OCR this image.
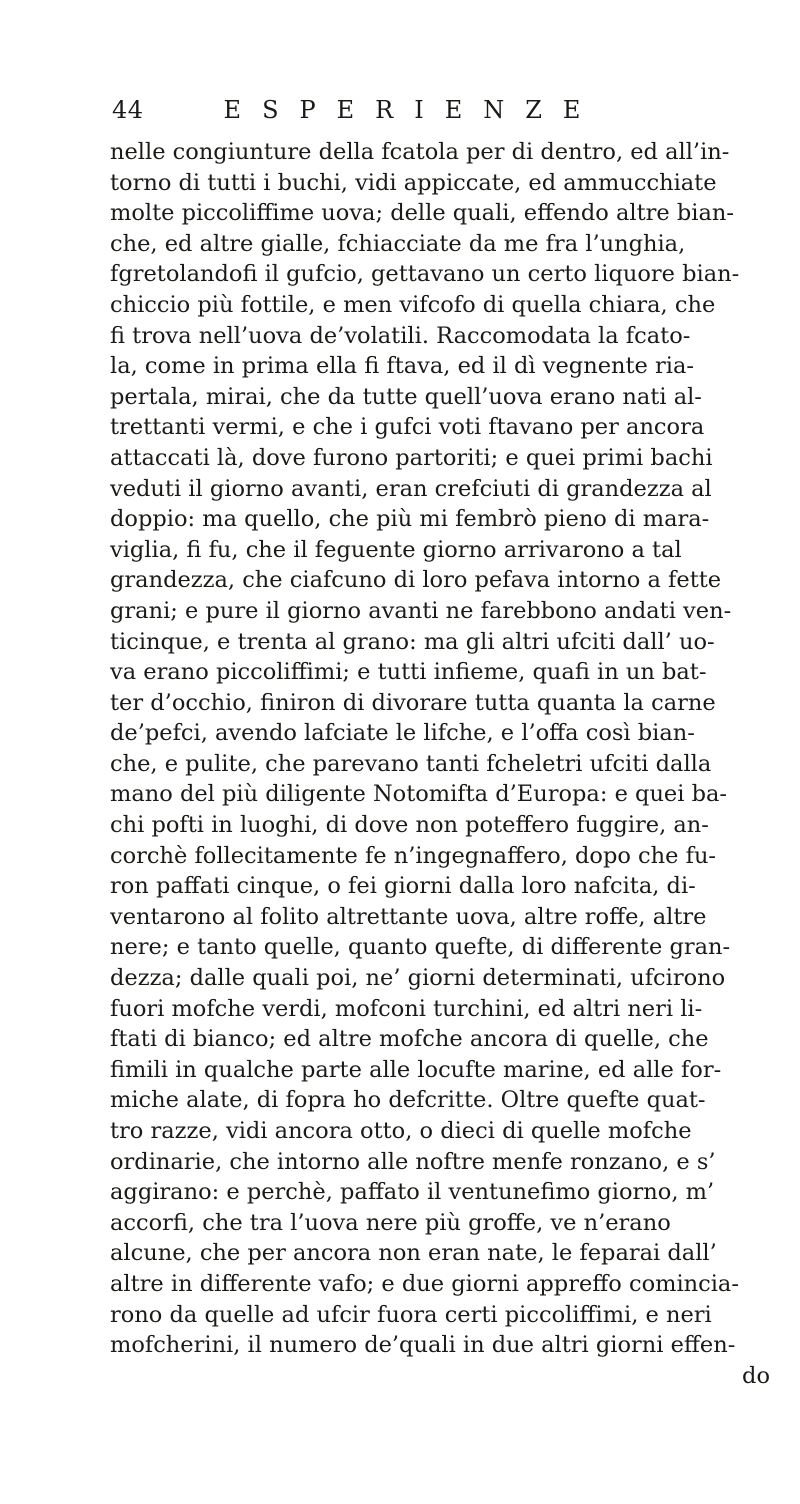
44	ESPERIENZE
nelle congiunture della fcatola per di dentro, ed all’in-
torno di tutti i buchi, vidi appiccate, ed ammucchiate
molte piccoliffime uova; delle quali, effendo altre bian-
che, ed altre gialle, fchiacciate da me fra l’unghia,
fgretolandofi il gufcio, gettavano un certo liquore bian-
chiccio più fottile, e men vifcofo di quella chiara, che
fi trova nell’uova de’volatili. Raccomodata la fcato-
la, come in prima ella fi ftava, ed il dì vegnente ria-
pertala, mirai, che da tutte quell’uova erano nati al-
trettanti vermi, e che i gufci voti ftavano per ancora
attaccati là, dove furono partoriti; e quei primi bachi
veduti il giorno avanti, eran crefciuti di grandezza al
doppio: ma quello, che più mi fembrò pieno di mara-
viglia, fi fu, che il feguente giorno arrivarono a tal
grandezza, che ciafcuno di loro pefava intorno a fette
grani; e pure il giorno avanti ne farebbono andati ven-
ticinque, e trenta al grano: ma gli altri ufciti dall’ uo-
va erano piccoliffimi; e tutti infieme, quafi in un bat-
ter d’occhio, finiron di divorare tutta quanta la carne
de’pefci, avendo lafciate le lifche, e l’offa così bian-
che, e pulite, che parevano tanti fcheletri ufciti dalla
mano del più diligente Notomifta d’Europa: e quei ba-
chi pofti in luoghi, di dove non poteffero fuggire, an-
corchè follecitamente fe n’ingegnaffero, dopo che fu-
ron paffati cinque, o fei giorni dalla loro nafcita, di-
ventarono al folito altrettante uova, altre roffe, altre
nere; e tanto quelle, quanto quefte, di differente gran-
dezza; dalle quali poi, ne’ giorni determinati, ufcirono
fuori mofche verdi, mofconi turchini, ed altri neri li-
ftati di bianco; ed altre mofche ancora di quelle, che
fimili in qualche parte alle locufte marine, ed alle for-
miche alate, di fopra ho defcritte. Oltre quefte quat-
tro razze, vidi ancora otto, o dieci di quelle mofche
ordinarie, che intorno alle noftre menfe ronzano, e s’
aggirano: e perchè, paffato il ventunefimo giorno, m’
accorfi, che tra l’uova nere più groffe, ve n’erano
alcune, che per ancora non eran nate, le feparai dall’
altre in differente vafo; e due giorni appreffo comincia-
rono da quelle ad ufcir fuora certi piccoliffimi, e neri
mofcherini, il numero de’quali in due altri giorni effen-
do
